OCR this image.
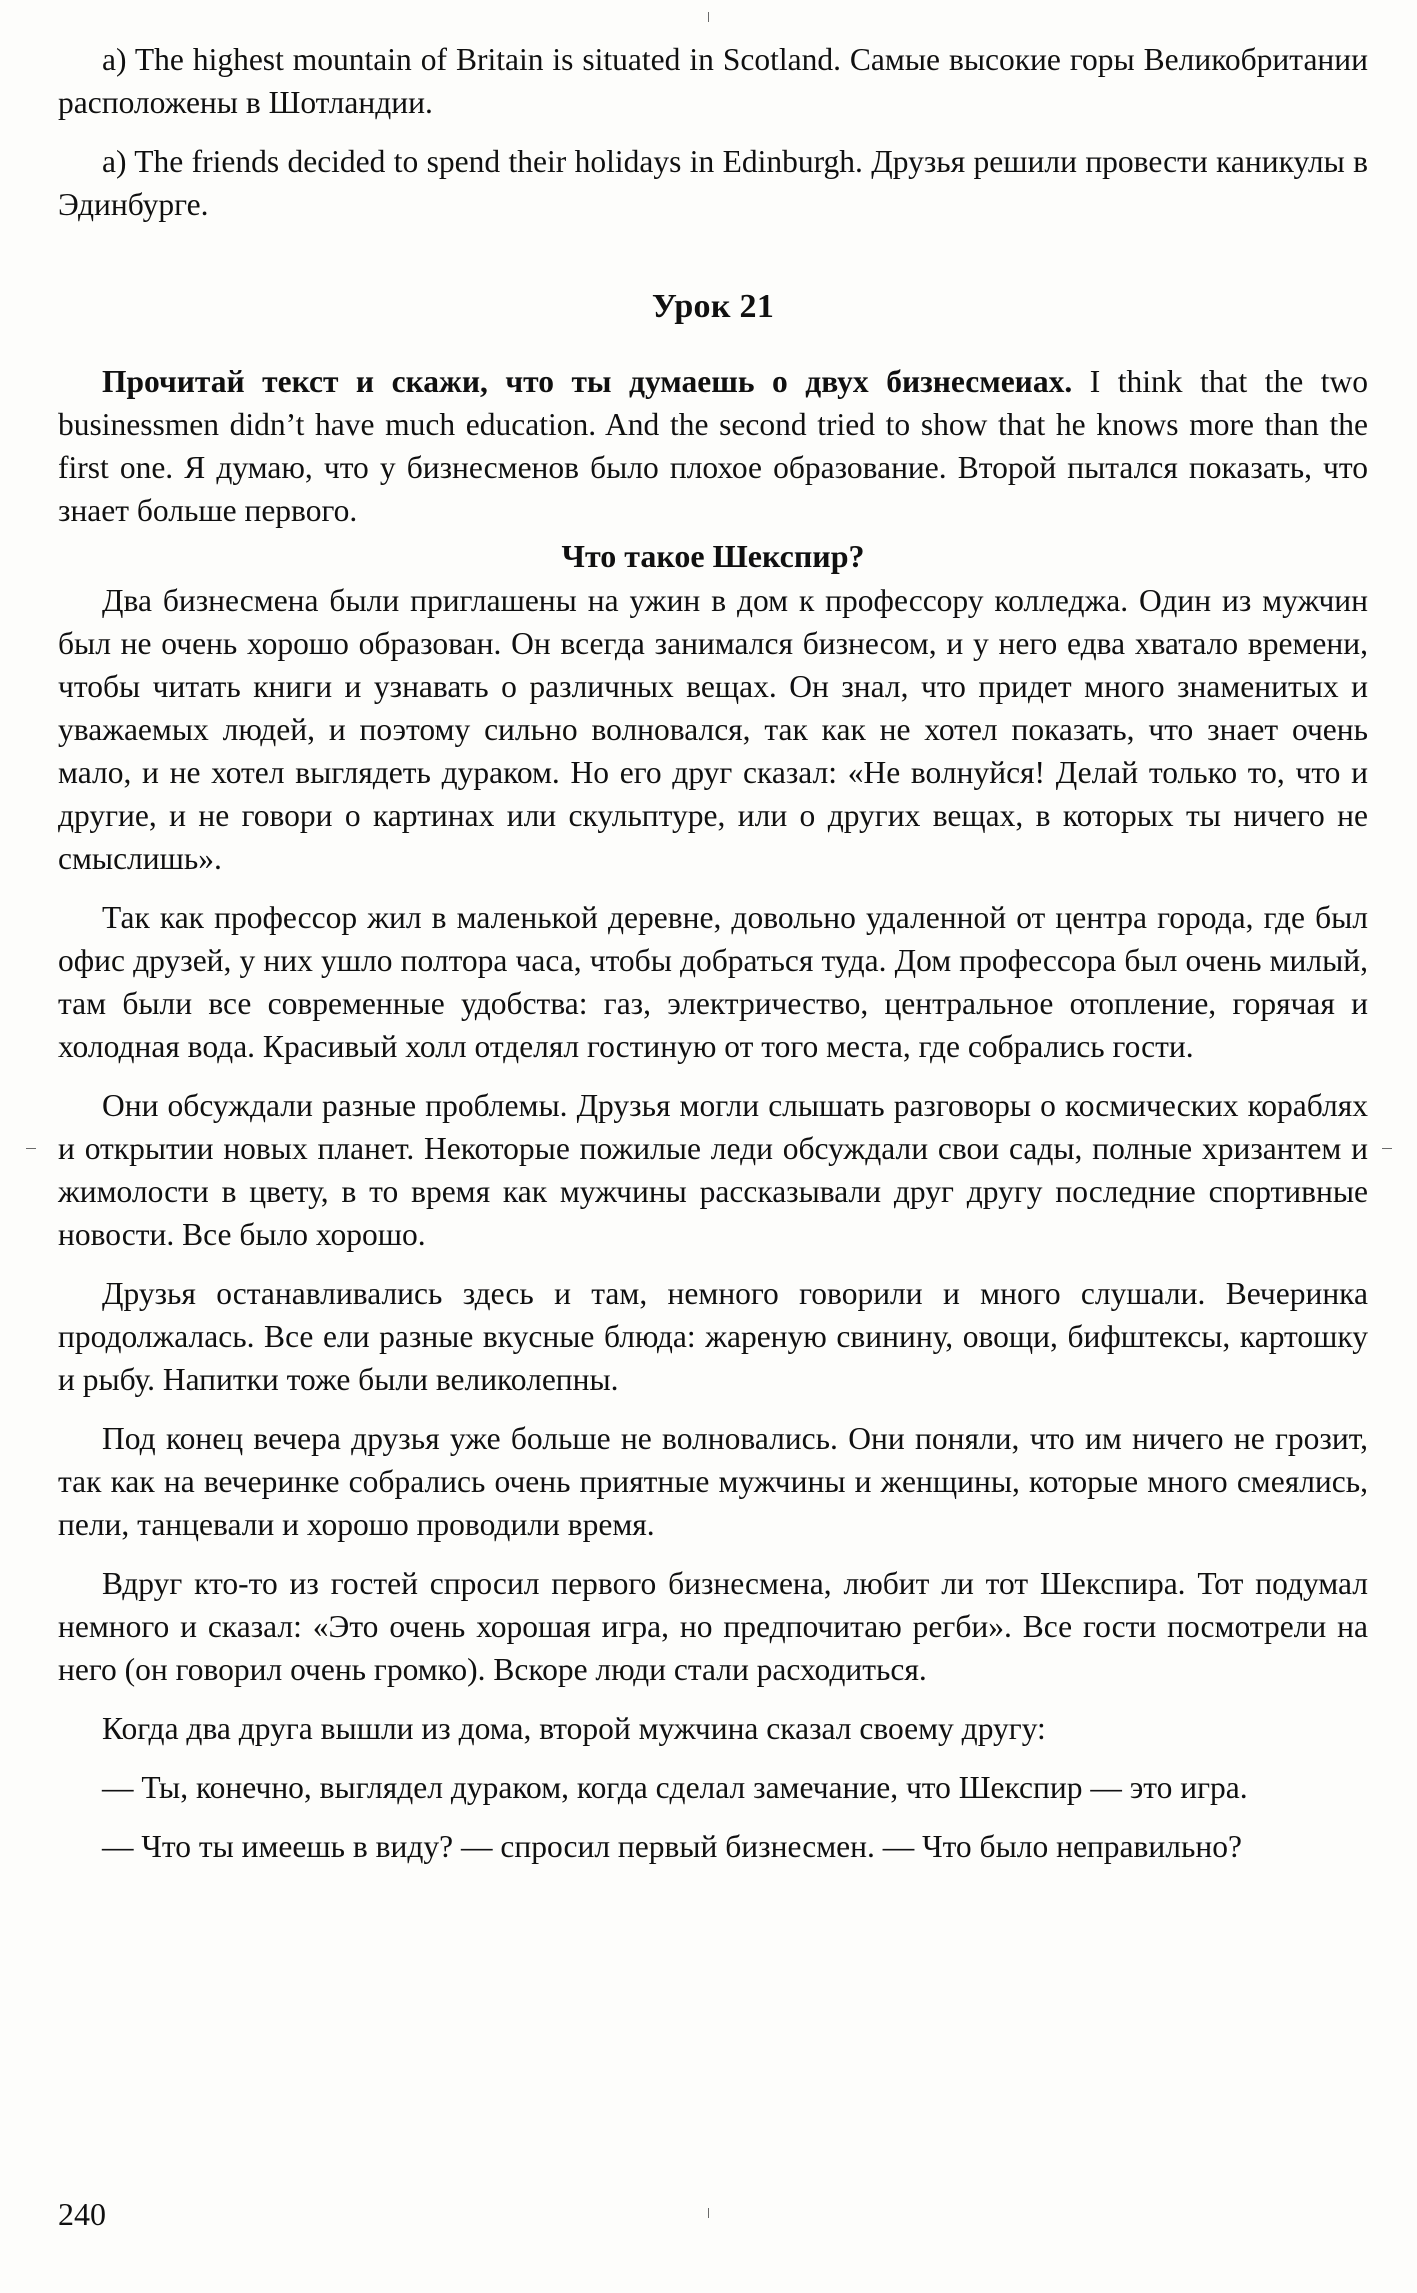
a) The highest mountain of Britain is situated in Scotland. Самые высокие горы Великобритании расположены в Шотландии.

a) The friends decided to spend their holidays in Edinburgh. Друзья решили провести каникулы в Эдинбурге.

Урок 21

Прочитай текст и скажи, что ты думаешь о двух бизнесмеиах. I think that the two businessmen didn’t have much education. And the second tried to show that he knows more than the first one. Я думаю, что у бизнесменов было плохое образование. Второй пытался показать, что знает больше первого.

Что такое Шекспир?

Два бизнесмена были приглашены на ужин в дом к профессору колледжа. Один из мужчин был не очень хорошо образован. Он всегда занимался бизнесом, и у него едва хватало времени, чтобы читать книги и узнавать о различных вещах. Он знал, что придет много знаменитых и уважаемых людей, и поэтому сильно волновался, так как не хотел показать, что знает очень мало, и не хотел выглядеть дураком. Но его друг сказал: «Не волнуйся! Делай только то, что и другие, и не говори о картинах или скульптуре, или о других вещах, в которых ты ничего не смыслишь».

Так как профессор жил в маленькой деревне, довольно удаленной от центра города, где был офис друзей, у них ушло полтора часа, чтобы добраться туда. Дом профессора был очень милый, там были все современные удобства: газ, электричество, центральное отопление, горячая и холодная вода. Красивый холл отделял гостиную от того места, где собрались гости.

Они обсуждали разные проблемы. Друзья могли слышать разговоры о космических кораблях и открытии новых планет. Некоторые пожилые леди обсуждали свои сады, полные хризантем и жимолости в цвету, в то время как мужчины рассказывали друг другу последние спортивные новости. Все было хорошо.

Друзья останавливались здесь и там, немного говорили и много слушали. Вечеринка продолжалась. Все ели разные вкусные блюда: жареную свинину, овощи, бифштексы, картошку и рыбу. Напитки тоже были великолепны.

Под конец вечера друзья уже больше не волновались. Они поняли, что им ничего не грозит, так как на вечеринке собрались очень приятные мужчины и женщины, которые много смеялись, пели, танцевали и хорошо проводили время.

Вдруг кто-то из гостей спросил первого бизнесмена, любит ли тот Шекспира. Тот подумал немного и сказал: «Это очень хорошая игра, но предпочитаю регби». Все гости посмотрели на него (он говорил очень громко). Вскоре люди стали расходиться.

Когда два друга вышли из дома, второй мужчина сказал своему другу:

— Ты, конечно, выглядел дураком, когда сделал замечание, что Шекспир — это игра.

— Что ты имеешь в виду? — спросил первый бизнесмен. — Что было неправильно?

240
